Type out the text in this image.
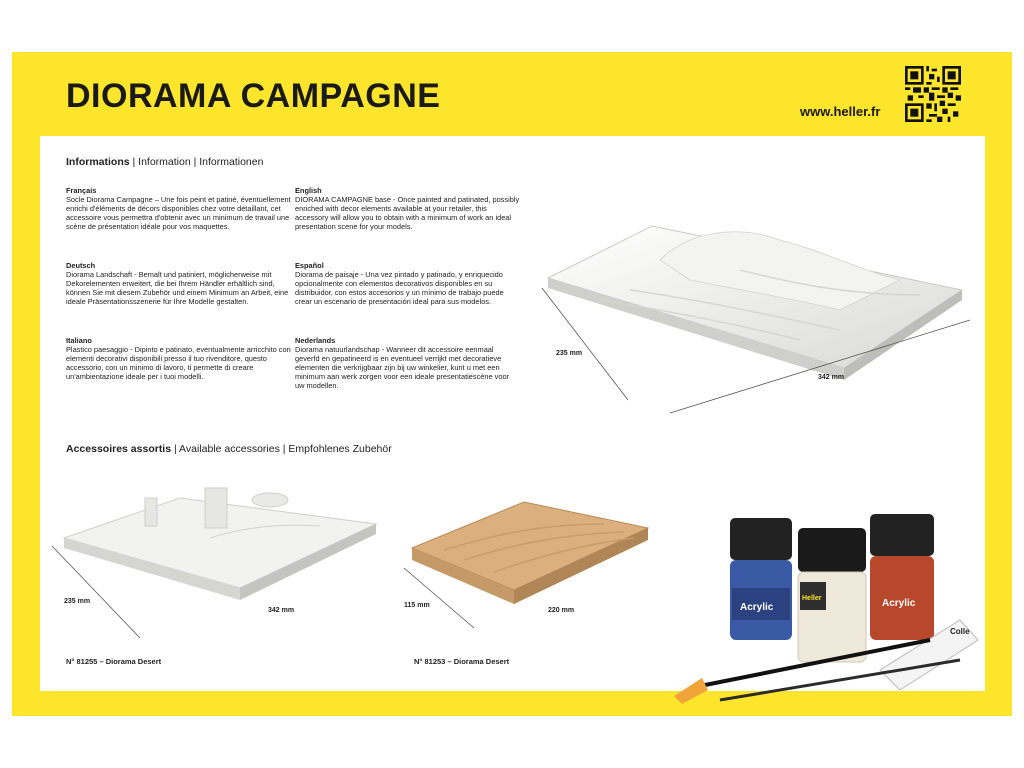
DIORAMA CAMPAGNE	www.heller.fr
Informations | Information | Informationen
Français
Socle Diorama Campagne – Une fois peint et patiné, éventuellement enrichi d'éléments de décors disponibles chez votre détaillant, cet accessoire vous permettra d'obtenir avec un minimum de travail une scène de présentation idéale pour vos maquettes.
English
DIORAMA CAMPAGNE base - Once painted and patinated, possibly enriched with decor elements available at your retailer, this accessory will allow you to obtain with a minimum of work an ideal presentation scene for your models.
Deutsch
Diorama Landschaft - Bemalt und patiniert, möglicherweise mit Dekorelementen erweitert, die bei Ihrem Händler erhältlich sind, können Sie mit diesem Zubehör und einem Minimum an Arbeit, eine ideale Präsentationsszenerie für Ihre Modelle gestalten.
Español
Diorama de paisaje - Una vez pintado y patinado, y enriquecido opcionalmente con elementos decorativos disponibles en su distribuidor, con estos accesorios y un mínimo de trabajo puede crear un escenario de presentación ideal para sus modelos.
Italiano
Plastico paesaggio - Dipinto e patinato, eventualmente arricchito con elementi decorativi disponibili presso il tuo rivenditore, questo accessorio, con un minimo di lavoro, ti permette di creare un'ambientazione ideale per i tuoi modelli.
Nederlands
Diorama natuurlandschap - Wanneer dit accessoire eenmaal geverfd en gepatineerd is en eventueel verrijkt met decoratieve elementen die verkrijgbaar zijn bij uw winkelier, kunt u met een minimum aan werk zorgen voor een ideale presentatiescène voor uw modellen.
235 mm
342 mm
Accessoires assortis | Available accessories | Empfohlenes Zubehör
235 mm
342 mm
N° 81255 – Diorama Desert
115 mm
220 mm
N° 81253 – Diorama Desert
Acrylic	Acrylic
Heller
Colle
